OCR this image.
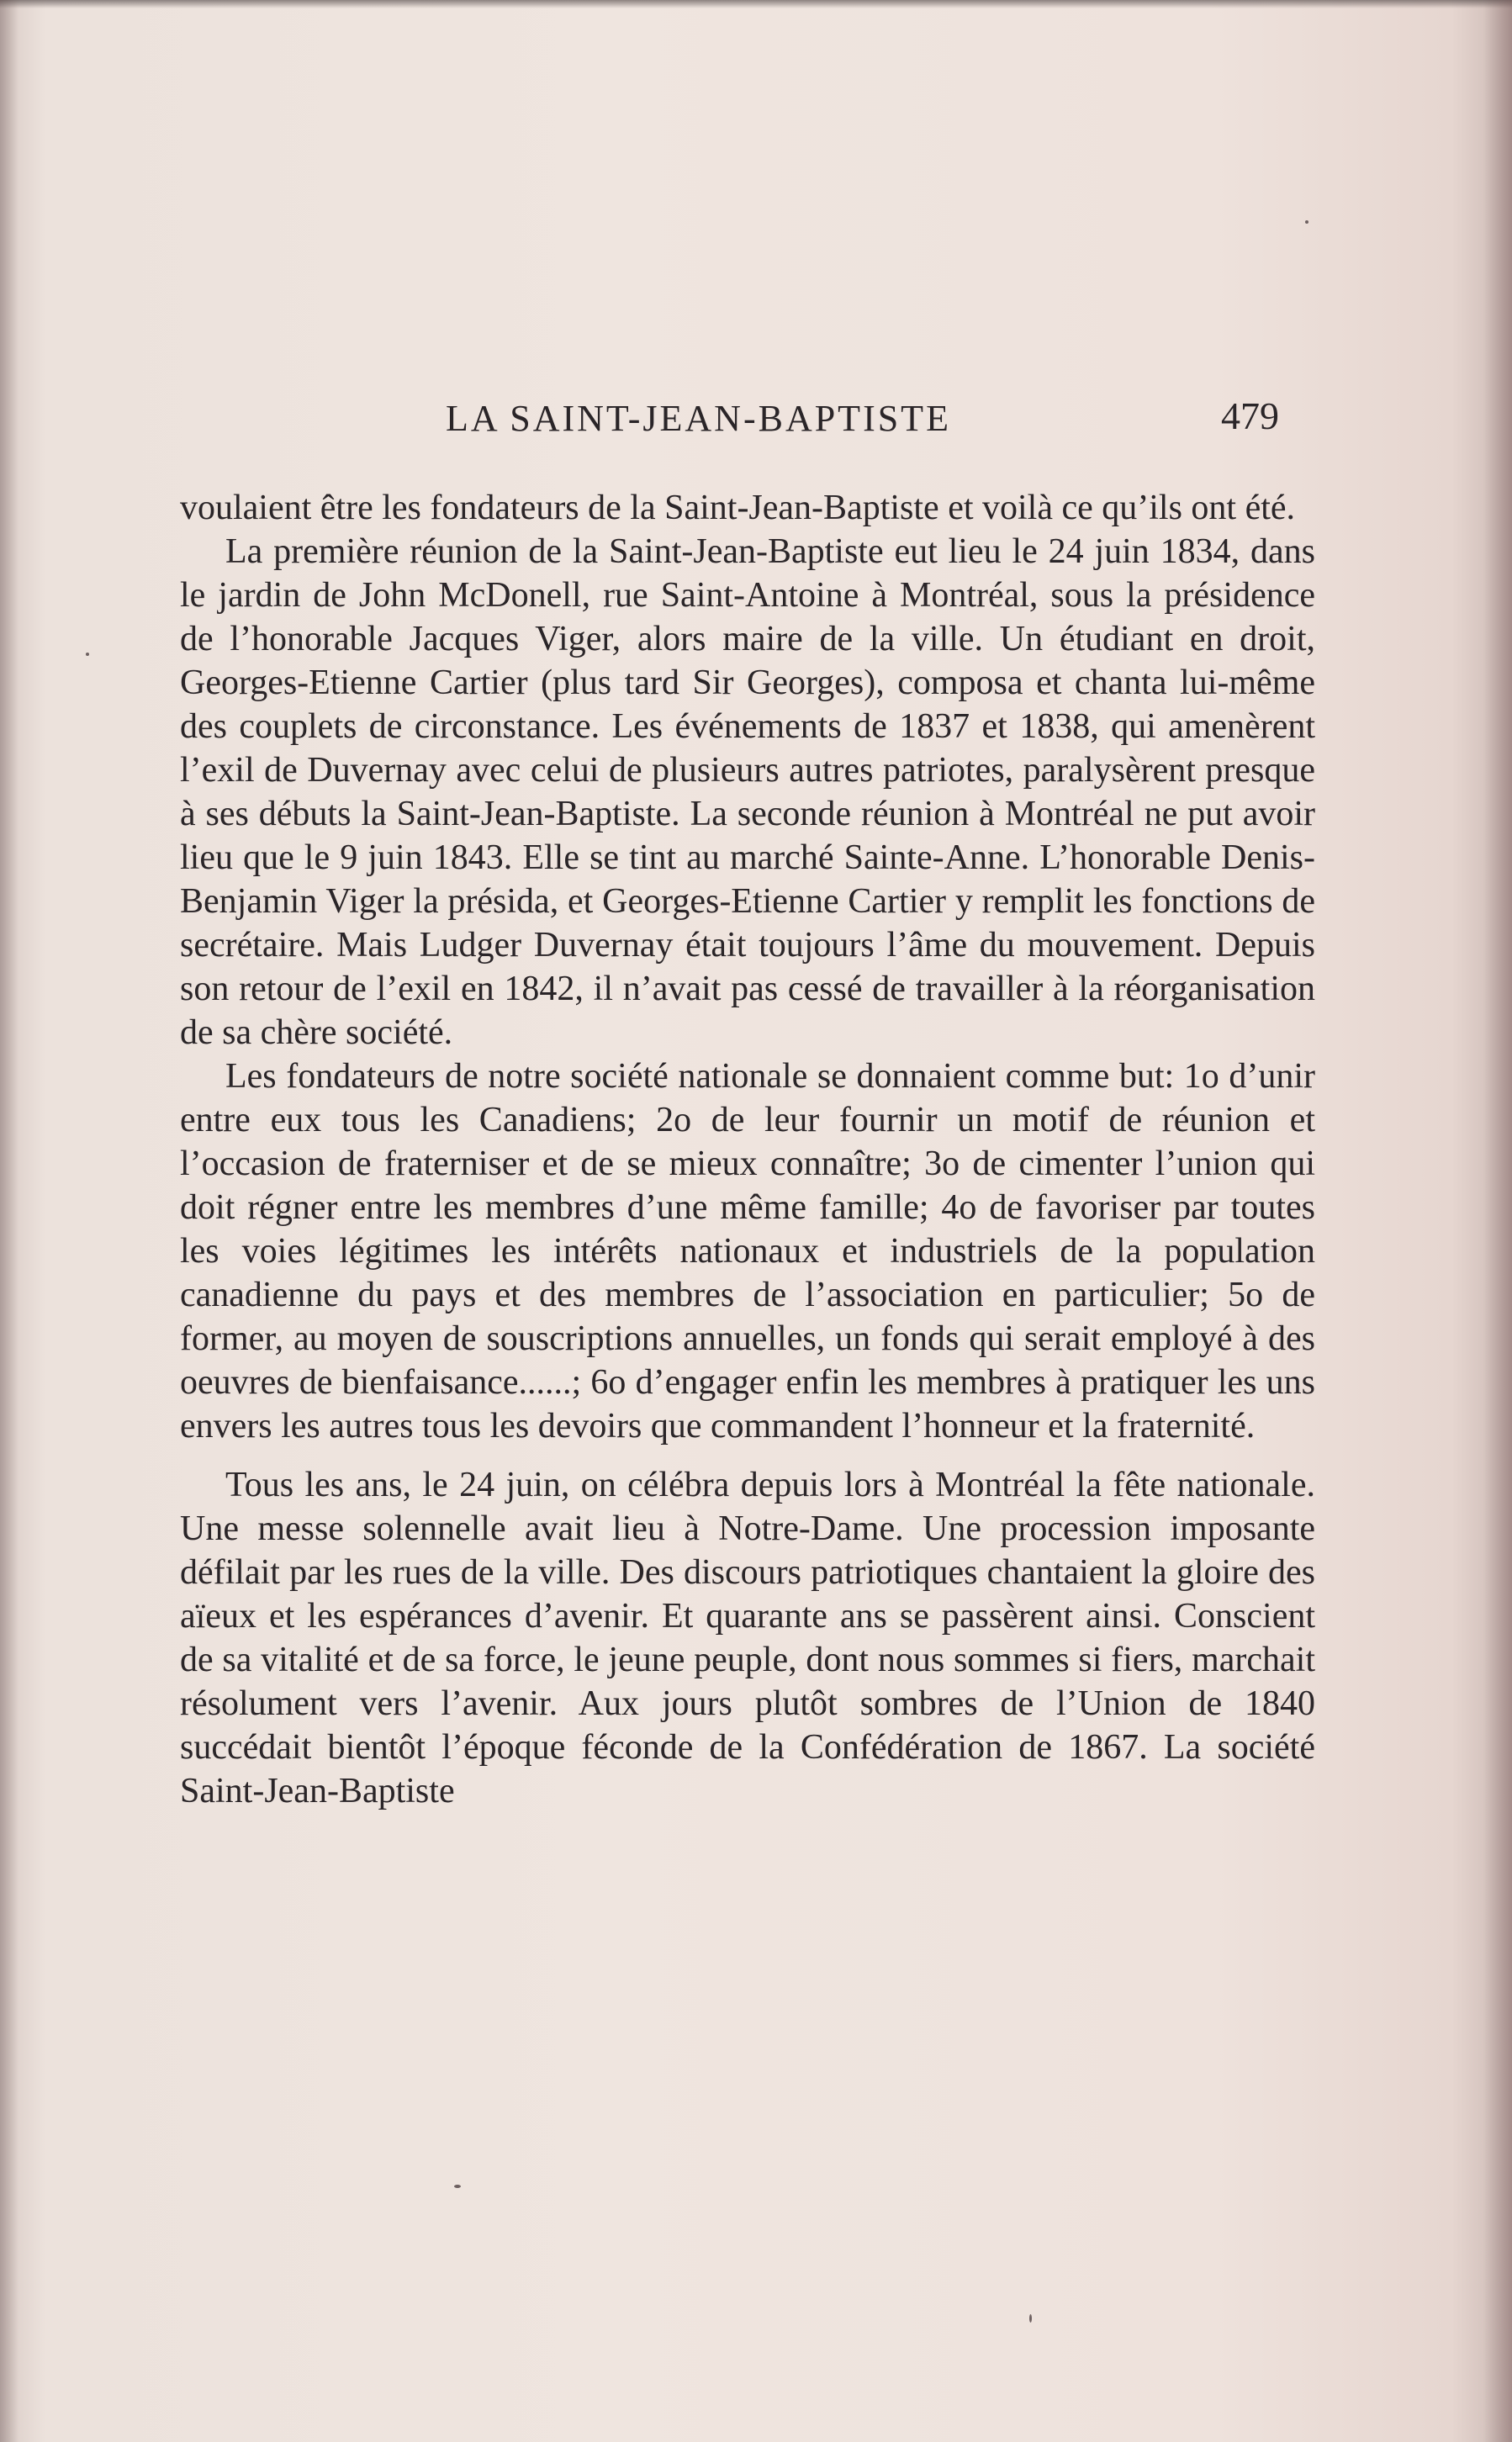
LA SAINT-JEAN-BAPTISTE	479

voulaient être les fondateurs de la Saint-Jean-Baptiste et voilà ce qu’ils ont été.

La première réunion de la Saint-Jean-Baptiste eut lieu le 24 juin 1834, dans le jardin de John McDonell, rue Saint-Antoine à Montréal, sous la présidence de l’honorable Jacques Viger, alors maire de la ville. Un étudiant en droit, Georges-Etienne Cartier (plus tard Sir Georges), composa et chanta lui-même des couplets de circonstance. Les événements de 1837 et 1838, qui amenèrent l’exil de Duvernay avec celui de plusieurs autres patriotes, paralysèrent presque à ses débuts la Saint-Jean-Baptiste. La seconde réunion à Montréal ne put avoir lieu que le 9 juin 1843. Elle se tint au marché Sainte-Anne. L’honorable Denis-Benjamin Viger la présida, et Georges-Etienne Cartier y remplit les fonctions de secrétaire. Mais Ludger Duvernay était toujours l’âme du mouvement. Depuis son retour de l’exil en 1842, il n’avait pas cessé de travailler à la réorganisation de sa chère société.

Les fondateurs de notre société nationale se donnaient comme but: 1o d’unir entre eux tous les Canadiens; 2o de leur fournir un motif de réunion et l’occasion de fraterniser et de se mieux connaître; 3o de cimenter l’union qui doit régner entre les membres d’une même famille; 4o de favoriser par toutes les voies légitimes les intérêts nationaux et industriels de la population canadienne du pays et des membres de l’association en particulier; 5o de former, au moyen de souscriptions annuelles, un fonds qui serait employé à des oeuvres de bienfaisance......; 6o d’engager enfin les membres à pratiquer les uns envers les autres tous les devoirs que commandent l’honneur et la fraternité.

Tous les ans, le 24 juin, on célébra depuis lors à Montréal la fête nationale. Une messe solennelle avait lieu à Notre-Dame. Une procession imposante défilait par les rues de la ville. Des discours patriotiques chantaient la gloire des aïeux et les espérances d’avenir. Et quarante ans se passèrent ainsi. Conscient de sa vitalité et de sa force, le jeune peuple, dont nous sommes si fiers, marchait résolument vers l’avenir. Aux jours plutôt sombres de l’Union de 1840 succédait bientôt l’époque féconde de la Confédération de 1867. La société Saint-Jean-Baptiste
